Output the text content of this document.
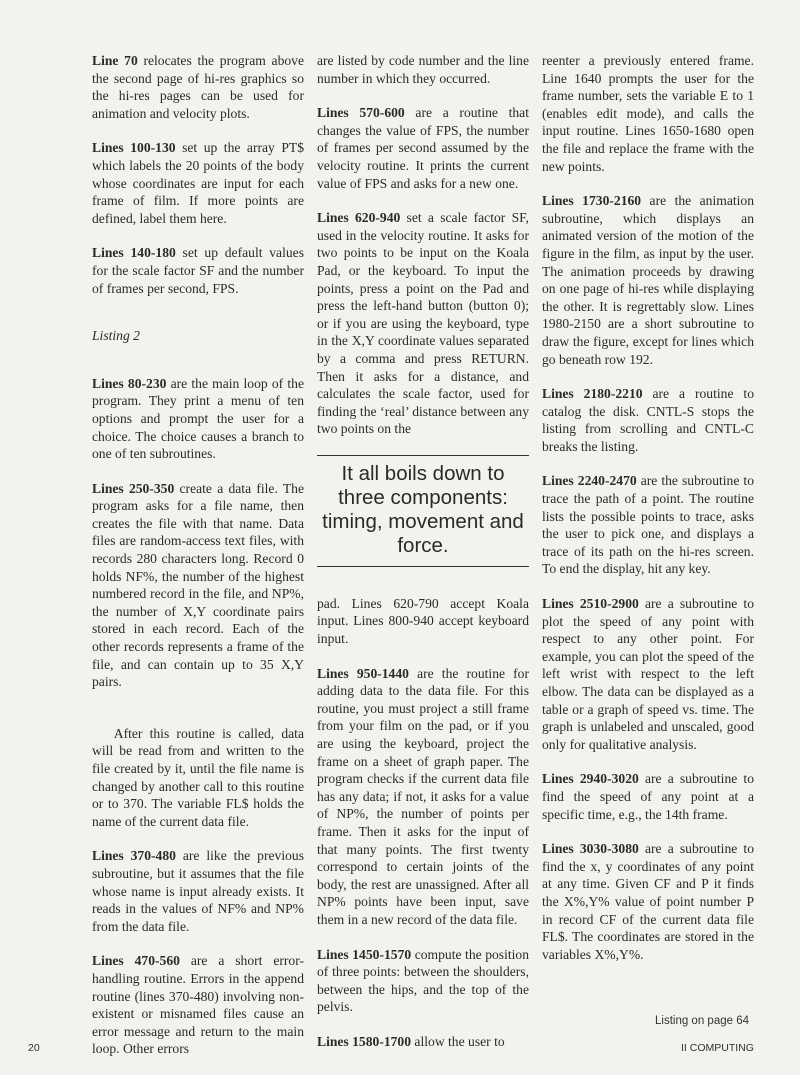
Line 70 relocates the program above the second page of hi-res graphics so the hi-res pages can be used for animation and velocity plots.

Lines 100-130 set up the array PT$ which labels the 20 points of the body whose coordinates are input for each frame of film. If more points are defined, label them here.

Lines 140-180 set up default values for the scale factor SF and the number of frames per second, FPS.

Listing 2

Lines 80-230 are the main loop of the program. They print a menu of ten options and prompt the user for a choice. The choice causes a branch to one of ten subroutines.

Lines 250-350 create a data file. The program asks for a file name, then creates the file with that name. Data files are random-access text files, with records 280 characters long. Record 0 holds NF%, the number of the highest numbered record in the file, and NP%, the number of X,Y coordinate pairs stored in each record. Each of the other records represents a frame of the file, and can contain up to 35 X,Y pairs.

After this routine is called, data will be read from and written to the file created by it, until the file name is changed by another call to this routine or to 370. The variable FL$ holds the name of the current data file.

Lines 370-480 are like the previous subroutine, but it assumes that the file whose name is input already exists. It reads in the values of NF% and NP% from the data file.

Lines 470-560 are a short error-handling routine. Errors in the append routine (lines 370-480) involving non-existent or misnamed files cause an error message and return to the main loop. Other errors

are listed by code number and the line number in which they occurred.

Lines 570-600 are a routine that changes the value of FPS, the number of frames per second assumed by the velocity routine. It prints the current value of FPS and asks for a new one.

Lines 620-940 set a scale factor SF, used in the velocity routine. It asks for two points to be input on the Koala Pad, or the keyboard. To input the points, press a point on the Pad and press the left-hand button (button 0); or if you are using the keyboard, type in the X,Y coordinate values separated by a comma and press RETURN. Then it asks for a distance, and calculates the scale factor, used for finding the ‘real’ distance between any two points on the

It all boils down to three components: timing, movement and force.

pad. Lines 620-790 accept Koala input. Lines 800-940 accept keyboard input.

Lines 950-1440 are the routine for adding data to the data file. For this routine, you must project a still frame from your film on the pad, or if you are using the keyboard, project the frame on a sheet of graph paper. The program checks if the current data file has any data; if not, it asks for a value of NP%, the number of points per frame. Then it asks for the input of that many points. The first twenty correspond to certain joints of the body, the rest are unassigned. After all NP% points have been input, save them in a new record of the data file.

Lines 1450-1570 compute the position of three points: between the shoulders, between the hips, and the top of the pelvis.

Lines 1580-1700 allow the user to

reenter a previously entered frame. Line 1640 prompts the user for the frame number, sets the variable E to 1 (enables edit mode), and calls the input routine. Lines 1650-1680 open the file and replace the frame with the new points.

Lines 1730-2160 are the animation subroutine, which displays an animated version of the motion of the figure in the film, as input by the user. The animation proceeds by drawing on one page of hi-res while displaying the other. It is regrettably slow. Lines 1980-2150 are a short subroutine to draw the figure, except for lines which go beneath row 192.

Lines 2180-2210 are a routine to catalog the disk. CNTL-S stops the listing from scrolling and CNTL-C breaks the listing.

Lines 2240-2470 are the subroutine to trace the path of a point. The routine lists the possible points to trace, asks the user to pick one, and displays a trace of its path on the hi-res screen. To end the display, hit any key.

Lines 2510-2900 are a subroutine to plot the speed of any point with respect to any other point. For example, you can plot the speed of the left wrist with respect to the left elbow. The data can be displayed as a table or a graph of speed vs. time. The graph is unlabeled and unscaled, good only for qualitative analysis.

Lines 2940-3020 are a subroutine to find the speed of any point at a specific time, e.g., the 14th frame.

Lines 3030-3080 are a subroutine to find the x, y coordinates of any point at any time. Given CF and P it finds the X%,Y% value of point number P in record CF of the current data file FL$. The coordinates are stored in the variables X%,Y%.

Listing on page 64
20	II COMPUTING
